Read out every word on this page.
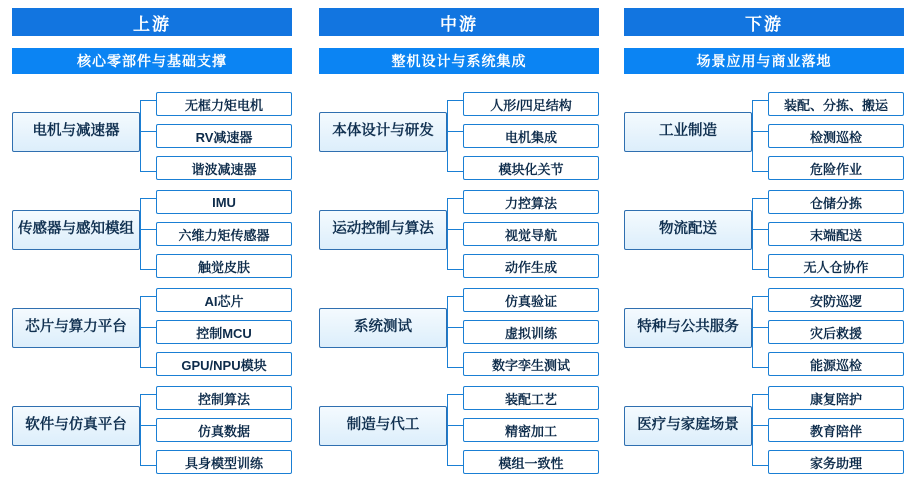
上游
核心零部件与基础支撑
电机与减速器
无框力矩电机
RV减速器
谐波减速器
传感器与感知模组
IMU
六维力矩传感器
触觉皮肤
芯片与算力平台
AI芯片
控制MCU
GPU/NPU模块
软件与仿真平台
控制算法
仿真数据
具身模型训练
中游
整机设计与系统集成
本体设计与研发
人形/四足结构
电机集成
模块化关节
运动控制与算法
力控算法
视觉导航
动作生成
系统测试
仿真验证
虚拟训练
数字孪生测试
制造与代工
装配工艺
精密加工
模组一致性
下游
场景应用与商业落地
工业制造
装配、分拣、搬运
检测巡检
危险作业
物流配送
仓储分拣
末端配送
无人仓协作
特种与公共服务
安防巡逻
灾后救援
能源巡检
医疗与家庭场景
康复陪护
教育陪伴
家务助理
